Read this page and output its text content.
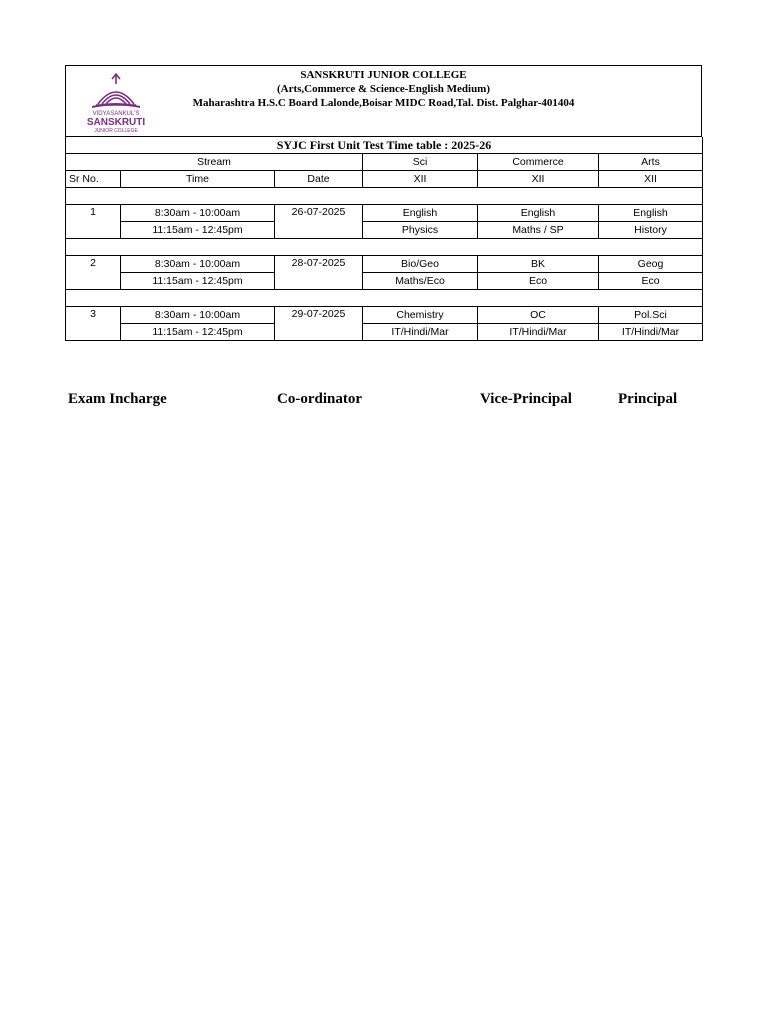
VIDYASANKUL'S
SANSKRUTI
JUNIOR COLLEGE
SANSKRUTI JUNIOR COLLEGE
(Arts,Commerce & Science-English Medium)
Maharashtra H.S.C Board Lalonde,Boisar MIDC Road,Tal. Dist. Palghar-401404
SYJC First Unit Test Time table : 2025-26					
Stream			Sci	Commerce	Arts
Sr No.	Time	Date	XII	XII	XII

1	8:30am - 10:00am	26-07-2025	English	English	English
	11:15am - 12:45pm		Physics	Maths / SP	History

2	8:30am - 10:00am	28-07-2025	Bio/Geo	BK	Geog
	11:15am - 12:45pm		Maths/Eco	Eco	Eco

3	8:30am - 10:00am	29-07-2025	Chemistry	OC	Pol.Sci
	11:15am - 12:45pm		IT/Hindi/Mar	IT/Hindi/Mar	IT/Hindi/Mar
Exam Incharge	Co-ordinator	Vice-Principal	Principal
